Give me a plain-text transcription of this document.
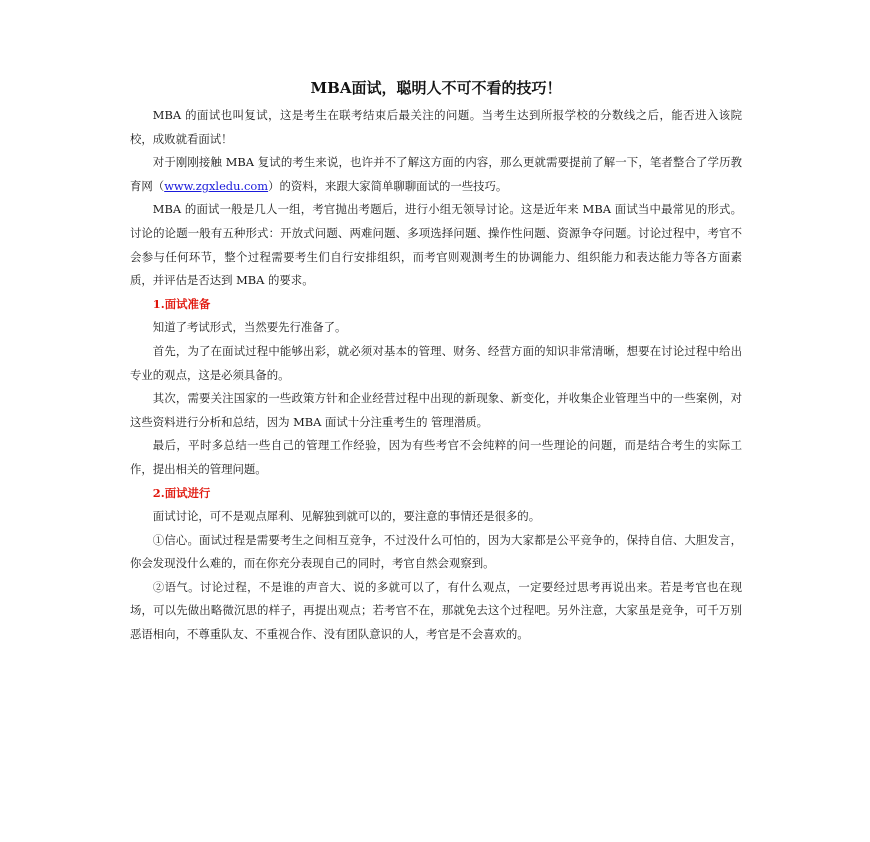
MBA面试，聪明人不可不看的技巧！

MBA 的面试也叫复试，这是考生在联考结束后最关注的问题。当考生达到所报学校的分数线之后，能否进入该院校，成败就看面试！

对于刚刚接触 MBA 复试的考生来说，也许并不了解这方面的内容，那么更就需要提前了解一下，笔者整合了学历教育网（www.zgxledu.com）的资料，来跟大家简单聊聊面试的一些技巧。

MBA 的面试一般是几人一组，考官抛出考题后，进行小组无领导讨论。这是近年来 MBA 面试当中最常见的形式。讨论的论题一般有五种形式：开放式问题、两难问题、多项选择问题、操作性问题、资源争夺问题。讨论过程中，考官不会参与任何环节，整个过程需要考生们自行安排组织，而考官则观测考生的协调能力、组织能力和表达能力等各方面素质，并评估是否达到 MBA 的要求。

1.面试准备

知道了考试形式，当然要先行准备了。

首先，为了在面试过程中能够出彩，就必须对基本的管理、财务、经营方面的知识非常清晰，想要在讨论过程中给出专业的观点，这是必须具备的。

其次，需要关注国家的一些政策方针和企业经营过程中出现的新现象、新变化，并收集企业管理当中的一些案例，对这些资料进行分析和总结，因为 MBA 面试十分注重考生的 管理潜质。

最后，平时多总结一些自己的管理工作经验，因为有些考官不会纯粹的问一些理论的问题，而是结合考生的实际工作，提出相关的管理问题。

2.面试进行

面试讨论，可不是观点犀利、见解独到就可以的，要注意的事情还是很多的。

①信心。面试过程是需要考生之间相互竞争，不过没什么可怕的，因为大家都是公平竞争的，保持自信、大胆发言，你会发现没什么难的，而在你充分表现自己的同时，考官自然会观察到。

②语气。讨论过程，不是谁的声音大、说的多就可以了，有什么观点，一定要经过思考再说出来。若是考官也在现场，可以先做出略微沉思的样子，再提出观点；若考官不在，那就免去这个过程吧。另外注意，大家虽是竞争，可千万别恶语相向，不尊重队友、不重视合作、没有团队意识的人，考官是不会喜欢的。
